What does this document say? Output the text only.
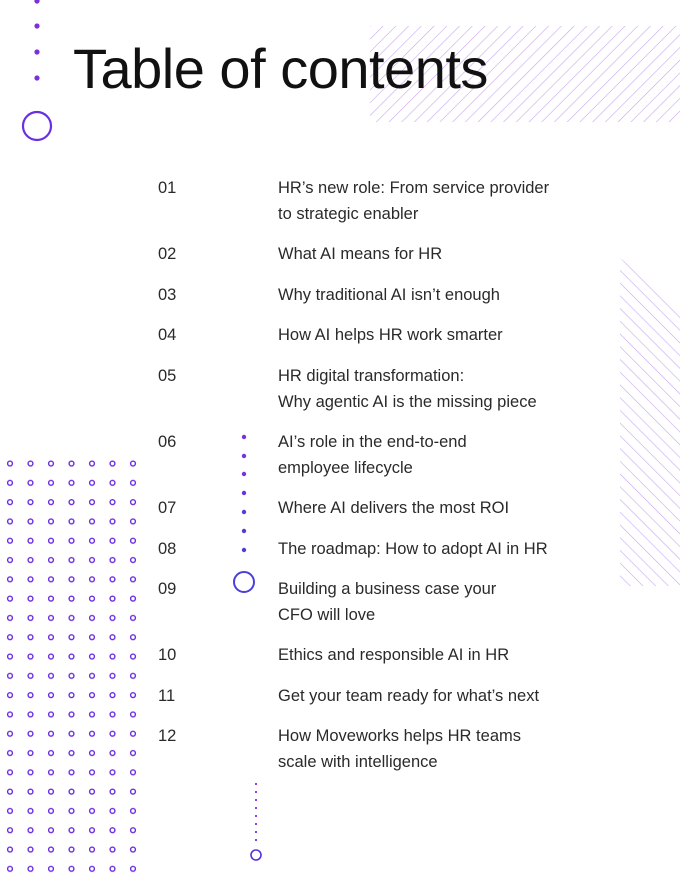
Table of contents
01	HR’s new role: From service provider
to strategic enabler
02	What AI means for HR
03	Why traditional AI isn’t enough
04	How AI helps HR work smarter
05	HR digital transformation:
Why agentic AI is the missing piece
06	AI’s role in the end-to-end
employee lifecycle
07	Where AI delivers the most ROI
08	The roadmap: How to adopt AI in HR
09	Building a business case your
CFO will love
10	Ethics and responsible AI in HR
11	Get your team ready for what’s next
12	How Moveworks helps HR teams
scale with intelligence
